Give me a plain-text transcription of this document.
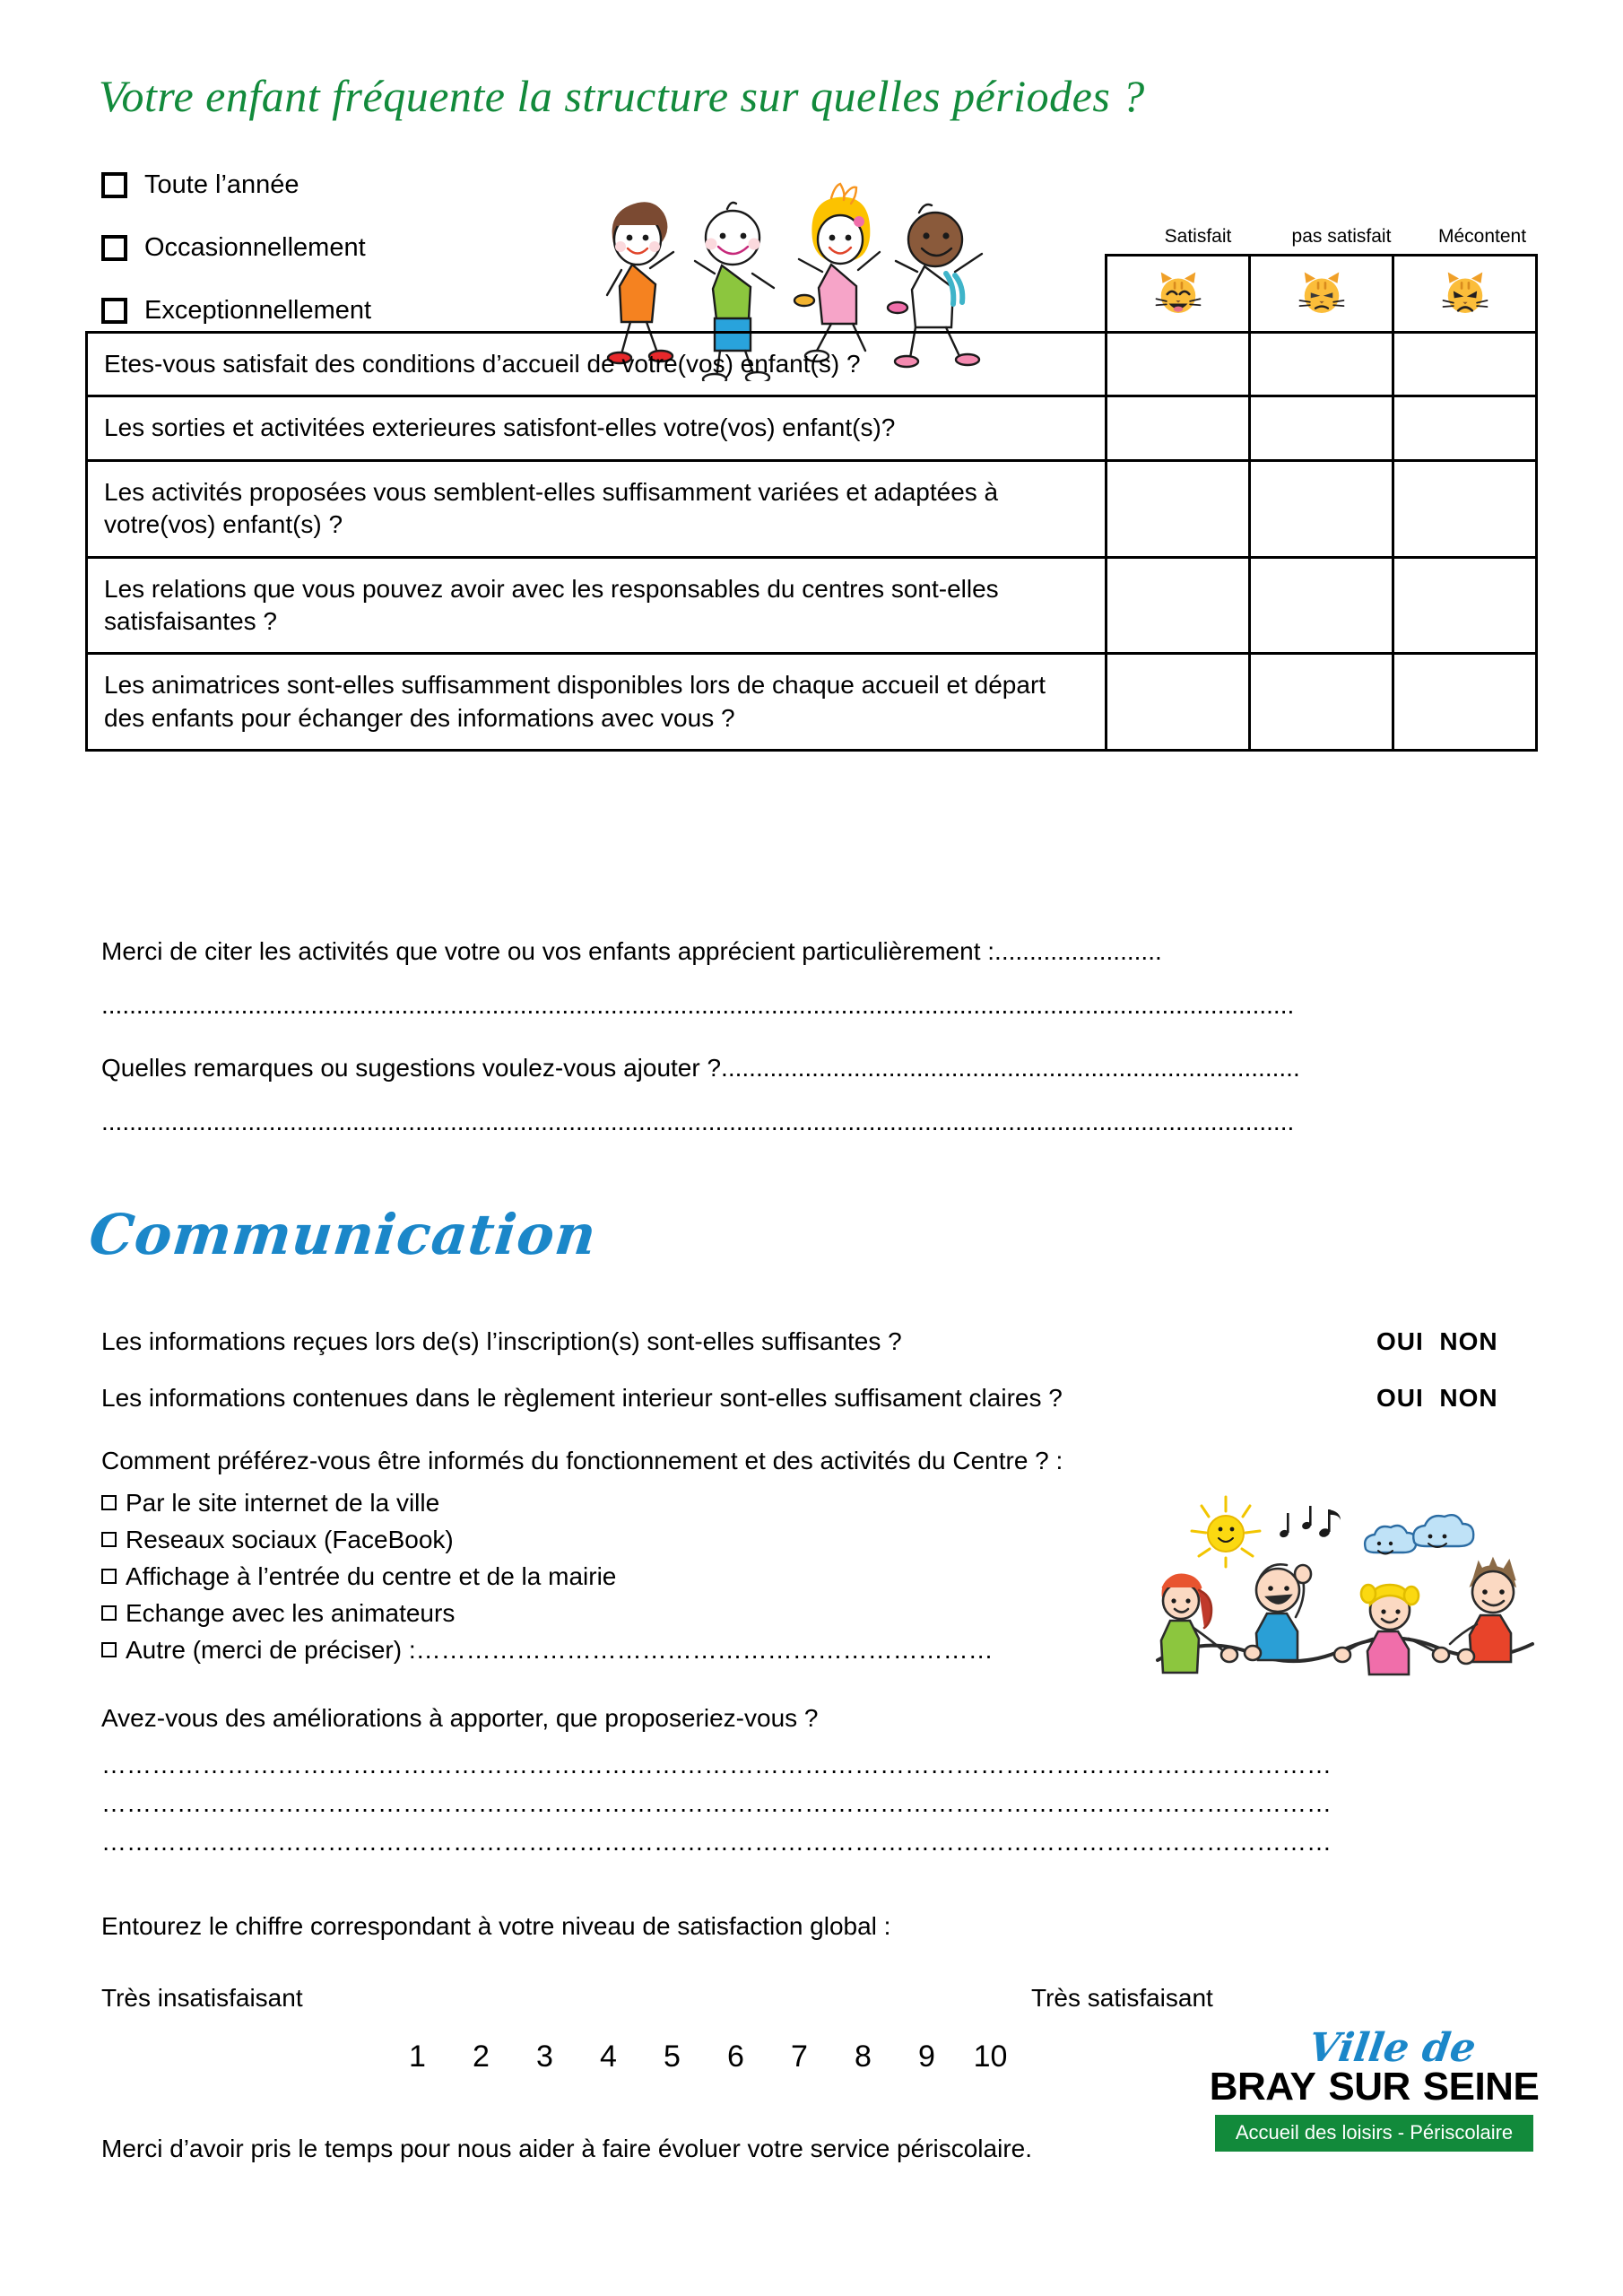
Votre enfant fréquente la structure sur quelles périodes ?
Toute l’année
Occasionnellement
Exceptionnellement
Satisfait	pas satisfait	Mécontent

Etes-vous satisfait des conditions d’accueil de votre(vos) enfant(s) ?			
Les sorties et activitées exterieures satisfont-elles votre(vos) enfant(s)?			
Les activités proposées vous semblent-elles suffisamment variées et adaptées à votre(vos) enfant(s) ?			
Les relations que vous pouvez avoir avec les responsables du centres sont-elles satisfaisantes ?			
Les animatrices sont-elles suffisamment disponibles lors de chaque accueil et départ des enfants pour échanger des informations avec vous ?			
Merci de citer les activités que votre ou vos enfants apprécient particulièrement :........................
...........................................................................................................................................................................
Quelles remarques ou sugestions voulez-vous ajouter ?...................................................................................
...........................................................................................................................................................................
Communication
Les informations reçues lors de(s) l’inscription(s) sont-elles suffisantes ?	OUI NON
Les informations contenues dans le règlement interieur sont-elles suffisament claires ?	OUI NON
Comment préférez-vous être informés du fonctionnement et des activités du Centre ? :
Par le site internet de la ville
Reseaux sociaux (FaceBook)
Affichage à l’entrée du centre et de la mairie
Echange avec les animateurs
Autre (merci de préciser) :……………………………………………………………
Avez-vous des améliorations à apporter, que proposeriez-vous ?
…………………………………………………………………………………………………………………………………
…………………………………………………………………………………………………………………………………
…………………………………………………………………………………………………………………………………
Entourez le chiffre correspondant à votre niveau de satisfaction global :
Très insatisfaisant	Très satisfaisant
1 2 3 4 5 6 7 8 9 10
Merci d’avoir pris le temps pour nous aider à faire évoluer votre service périscolaire.
Ville de
BRAY SUR SEINE
Accueil des loisirs - Périscolaire
